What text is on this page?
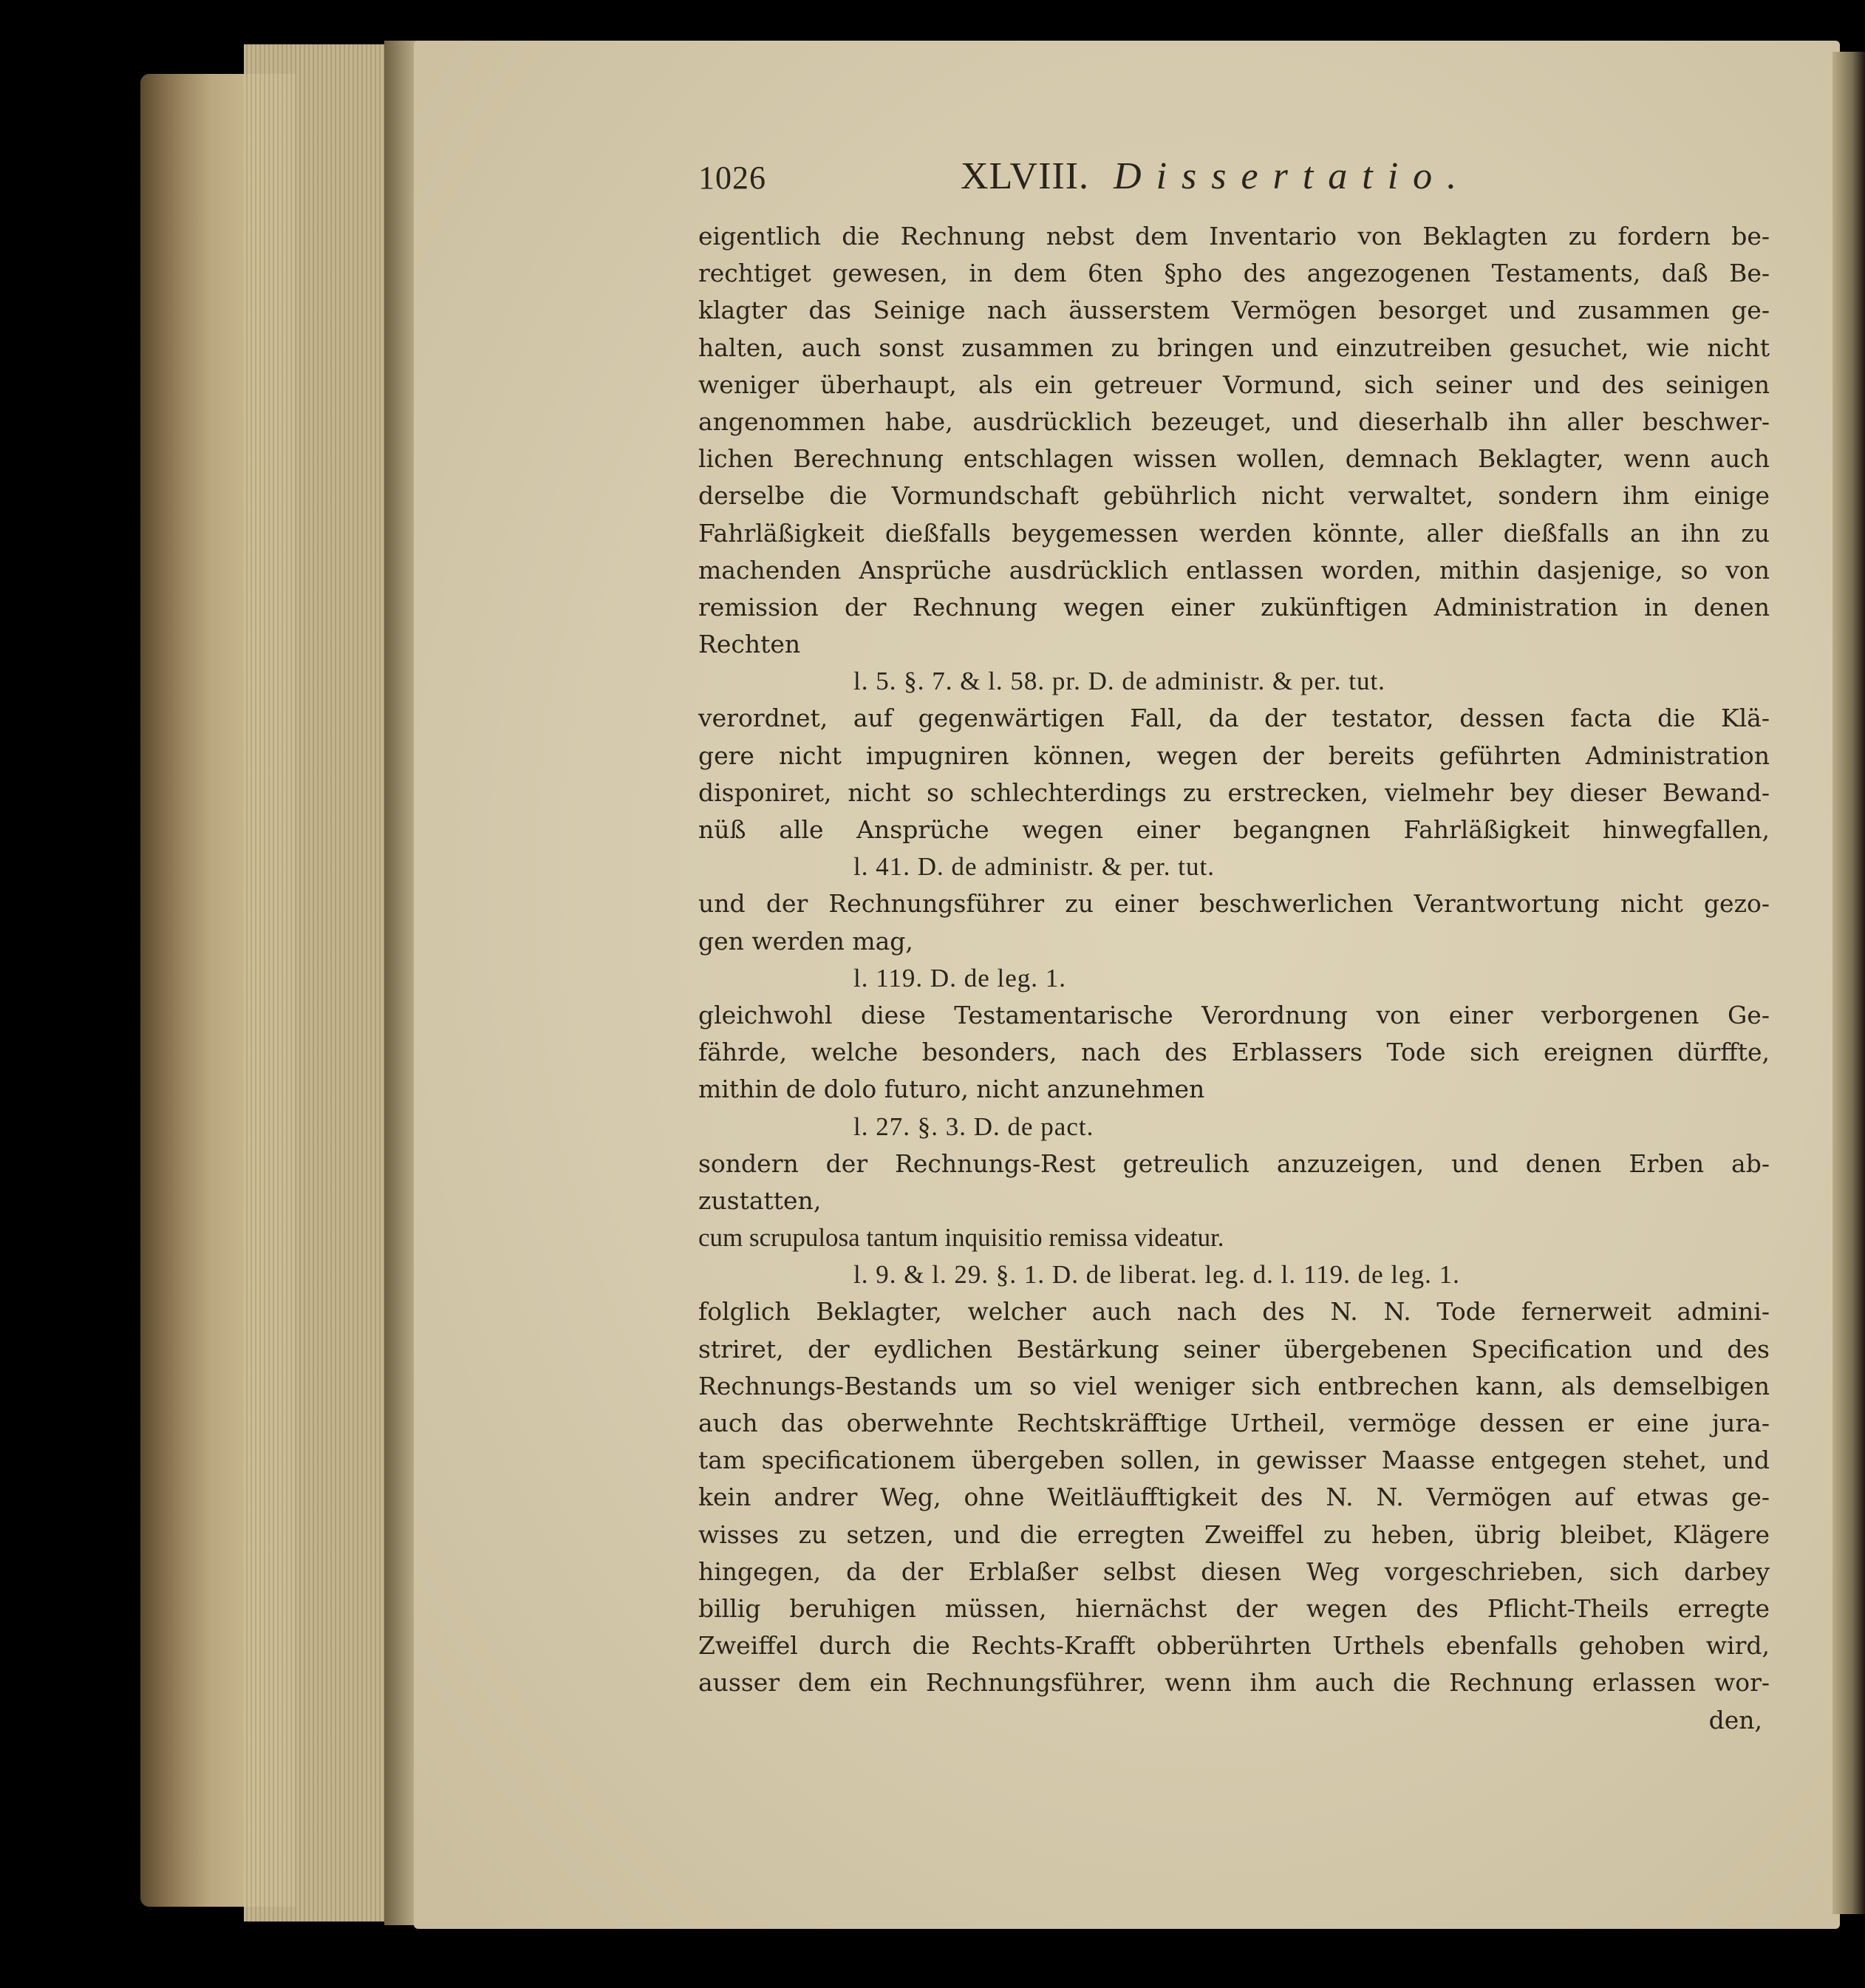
1026	XLVIII. Dissertatio.
eigentlich die Rechnung nebst dem Inventario von Beklagten zu fordern be-
rechtiget gewesen, in dem 6ten §pho des angezogenen Testaments, daß Be-
klagter das Seinige nach äusserstem Vermögen besorget und zusammen ge-
halten, auch sonst zusammen zu bringen und einzutreiben gesuchet, wie nicht
weniger überhaupt, als ein getreuer Vormund, sich seiner und des seinigen
angenommen habe, ausdrücklich bezeuget, und dieserhalb ihn aller beschwer-
lichen Berechnung entschlagen wissen wollen, demnach Beklagter, wenn auch
derselbe die Vormundschaft gebührlich nicht verwaltet, sondern ihm einige
Fahrläßigkeit dießfalls beygemessen werden könnte, aller dießfalls an ihn zu
machenden Ansprüche ausdrücklich entlassen worden, mithin dasjenige, so von
remission der Rechnung wegen einer zukünftigen Administration in denen
Rechten
l. 5. §. 7. & l. 58. pr. D. de administr. & per. tut.
verordnet, auf gegenwärtigen Fall, da der testator, dessen facta die Klä-
gere nicht impugniren können, wegen der bereits geführten Administration
disponiret, nicht so schlechterdings zu erstrecken, vielmehr bey dieser Bewand-
nüß alle Ansprüche wegen einer begangnen Fahrläßigkeit hinwegfallen,
l. 41. D. de administr. & per. tut.
und der Rechnungsführer zu einer beschwerlichen Verantwortung nicht gezo-
gen werden mag,
l. 119. D. de leg. 1.
gleichwohl diese Testamentarische Verordnung von einer verborgenen Ge-
fährde, welche besonders, nach des Erblassers Tode sich ereignen dürffte,
mithin de dolo futuro, nicht anzunehmen
l. 27. §. 3. D. de pact.
sondern der Rechnungs-Rest getreulich anzuzeigen, und denen Erben ab-
zustatten,
cum scrupulosa tantum inquisitio remissa videatur.
l. 9. & l. 29. §. 1. D. de liberat. leg. d. l. 119. de leg. 1.
folglich Beklagter, welcher auch nach des N. N. Tode fernerweit admini-
striret, der eydlichen Bestärkung seiner übergebenen Specification und des
Rechnungs-Bestands um so viel weniger sich entbrechen kann, als demselbigen
auch das oberwehnte Rechtskräfftige Urtheil, vermöge dessen er eine jura-
tam specificationem übergeben sollen, in gewisser Maasse entgegen stehet, und
kein andrer Weg, ohne Weitläufftigkeit des N. N. Vermögen auf etwas ge-
wisses zu setzen, und die erregten Zweiffel zu heben, übrig bleibet, Klägere
hingegen, da der Erblaßer selbst diesen Weg vorgeschrieben, sich darbey
billig beruhigen müssen, hiernächst der wegen des Pflicht-Theils erregte
Zweiffel durch die Rechts-Krafft obberührten Urthels ebenfalls gehoben wird,
ausser dem ein Rechnungsführer, wenn ihm auch die Rechnung erlassen wor-
den,
